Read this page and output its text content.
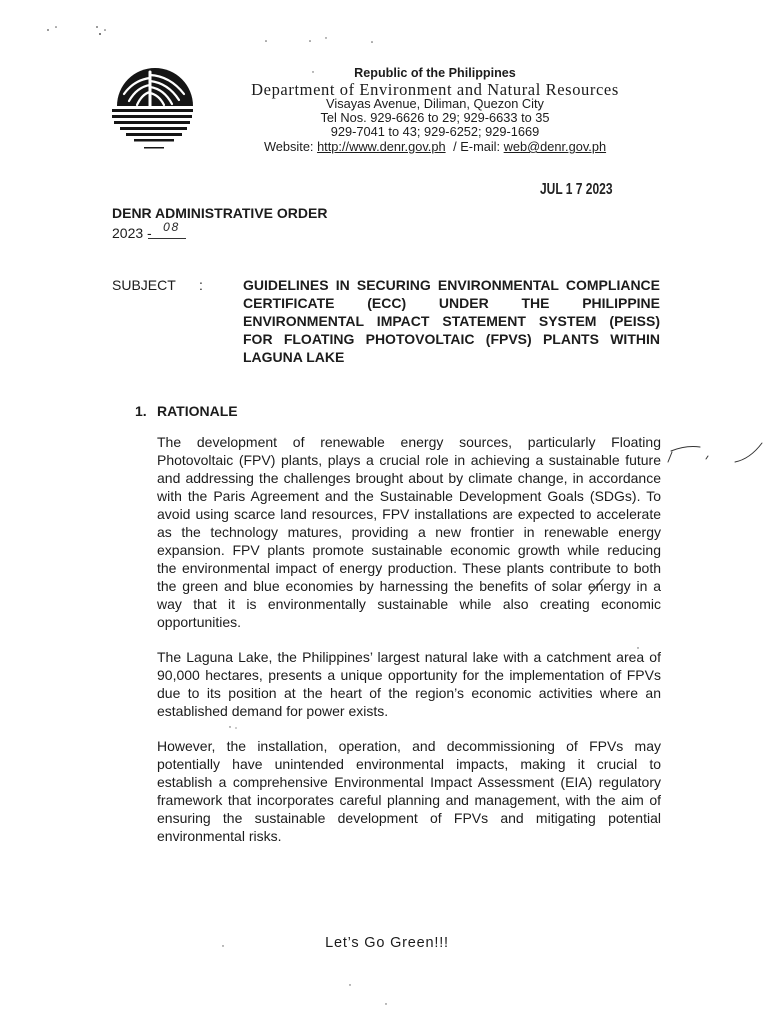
Republic of the Philippines
Department of Environment and Natural Resources
Visayas Avenue, Diliman, Quezon City
Tel Nos. 929-6626 to 29; 929-6633 to 35
929-7041 to 43; 929-6252; 929-1669
Website: http://www.denr.gov.ph / E-mail: web@denr.gov.ph
JUL 1 7 2023
DENR ADMINISTRATIVE ORDER
2023 - 08
SUBJECT :	GUIDELINES IN SECURING ENVIRONMENTAL COMPLIANCE
CERTIFICATE (ECC) UNDER THE PHILIPPINE
ENVIRONMENTAL IMPACT STATEMENT SYSTEM (PEISS)
FOR FLOATING PHOTOVOLTAIC (FPVS) PLANTS WITHIN
LAGUNA LAKE
1. RATIONALE
The development of renewable energy sources, particularly Floating
Photovoltaic (FPV) plants, plays a crucial role in achieving a sustainable future
and addressing the challenges brought about by climate change, in accordance
with the Paris Agreement and the Sustainable Development Goals (SDGs). To
avoid using scarce land resources, FPV installations are expected to accelerate
as the technology matures, providing a new frontier in renewable energy
expansion. FPV plants promote sustainable economic growth while reducing
the environmental impact of energy production. These plants contribute to both
the green and blue economies by harnessing the benefits of solar energy in a
way that it is environmentally sustainable while also creating economic
opportunities.
The Laguna Lake, the Philippines’ largest natural lake with a catchment area of
90,000 hectares, presents a unique opportunity for the implementation of FPVs
due to its position at the heart of the region’s economic activities where an
established demand for power exists.
However, the installation, operation, and decommissioning of FPVs may
potentially have unintended environmental impacts, making it crucial to
establish a comprehensive Environmental Impact Assessment (EIA) regulatory
framework that incorporates careful planning and management, with the aim of
ensuring the sustainable development of FPVs and mitigating potential
environmental risks.
Let’s Go Green!!!
